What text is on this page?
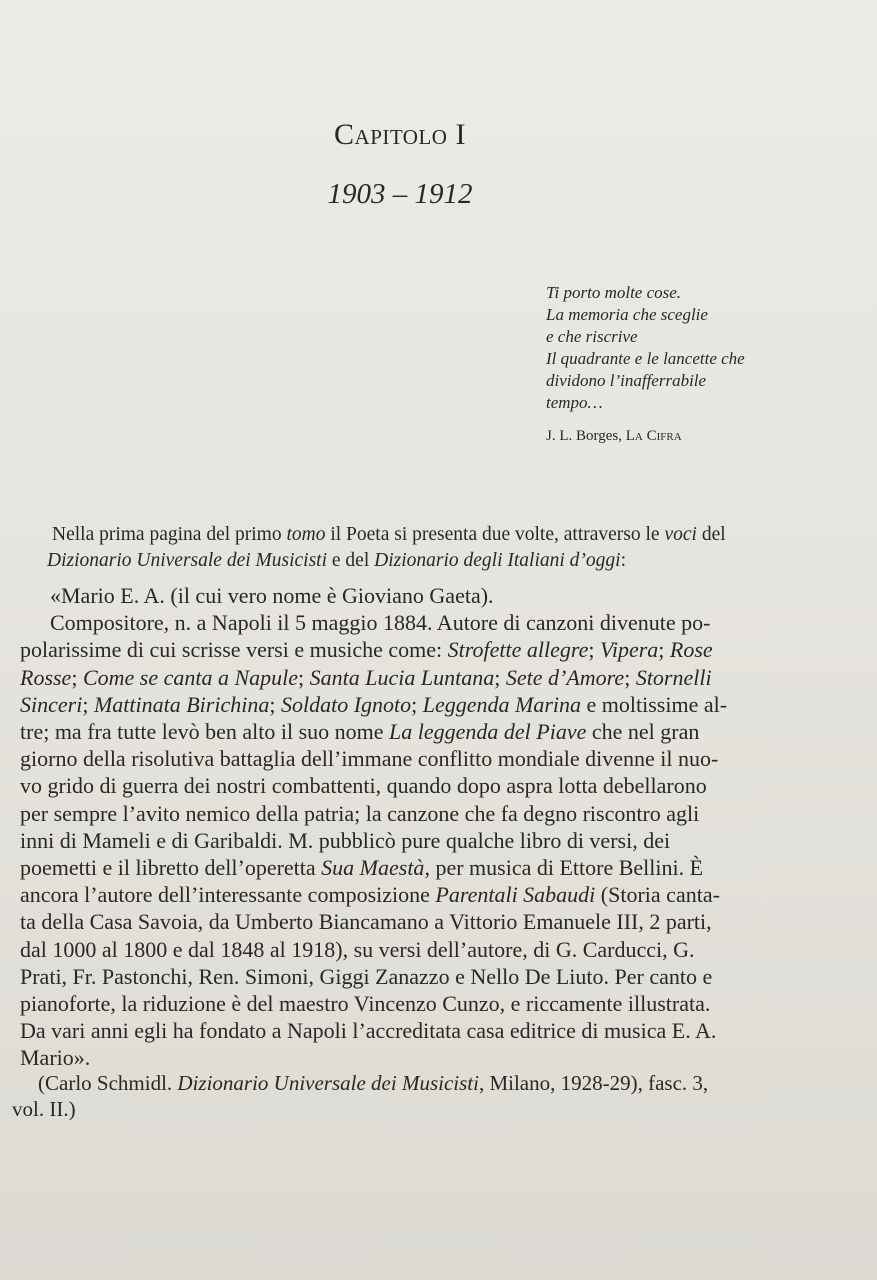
Capitolo I
1903 – 1912
Ti porto molte cose.
La memoria che sceglie
e che riscrive
Il quadrante e le lancette che
dividono l’inafferrabile
tempo…
J. L. Borges, La Cifra
Nella prima pagina del primo tomo il Poeta si presenta due volte, attraverso le voci del
Dizionario Universale dei Musicisti e del Dizionario degli Italiani d’oggi:
«Mario E. A. (il cui vero nome è Gioviano Gaeta).
Compositore, n. a Napoli il 5 maggio 1884. Autore di canzoni divenute po-
polarissime di cui scrisse versi e musiche come: Strofette allegre; Vipera; Rose
Rosse; Come se canta a Napule; Santa Lucia Luntana; Sete d’Amore; Stornelli
Sinceri; Mattinata Birichina; Soldato Ignoto; Leggenda Marina e moltissime al-
tre; ma fra tutte levò ben alto il suo nome La leggenda del Piave che nel gran
giorno della risolutiva battaglia dell’immane conflitto mondiale divenne il nuo-
vo grido di guerra dei nostri combattenti, quando dopo aspra lotta debellarono
per sempre l’avito nemico della patria; la canzone che fa degno riscontro agli
inni di Mameli e di Garibaldi. M. pubblicò pure qualche libro di versi, dei
poemetti e il libretto dell’operetta Sua Maestà, per musica di Ettore Bellini. È
ancora l’autore dell’interessante composizione Parentali Sabaudi (Storia canta-
ta della Casa Savoia, da Umberto Biancamano a Vittorio Emanuele III, 2 parti,
dal 1000 al 1800 e dal 1848 al 1918), su versi dell’autore, di G. Carducci, G.
Prati, Fr. Pastonchi, Ren. Simoni, Giggi Zanazzo e Nello De Liuto. Per canto e
pianoforte, la riduzione è del maestro Vincenzo Cunzo, e riccamente illustrata.
Da vari anni egli ha fondato a Napoli l’accreditata casa editrice di musica E. A.
Mario».
(Carlo Schmidl. Dizionario Universale dei Musicisti, Milano, 1928-29), fasc. 3,
vol. II.)
